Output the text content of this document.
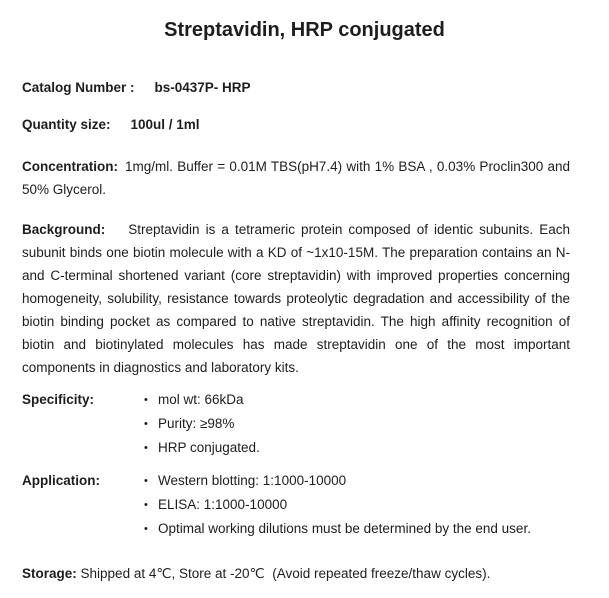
Streptavidin, HRP conjugated

Catalog Number : bs-0437P- HRP

Quantity size: 100ul / 1ml

Concentration: 1mg/ml. Buffer = 0.01M TBS(pH7.4) with 1% BSA , 0.03% Proclin300 and 50% Glycerol.

Background: Streptavidin is a tetrameric protein composed of identic subunits. Each subunit binds one biotin molecule with a KD of ~1x10-15M. The preparation contains an N- and C-terminal shortened variant (core streptavidin) with improved properties concerning homogeneity, solubility, resistance towards proteolytic degradation and accessibility of the biotin binding pocket as compared to native streptavidin. The high affinity recognition of biotin and biotinylated molecules has made streptavidin one of the most important components in diagnostics and laboratory kits.

Specificity:	• mol wt: 66kDa
• Purity: ≥98%
• HRP conjugated.
Application:	• Western blotting: 1:1000-10000
• ELISA: 1:1000-10000
• Optimal working dilutions must be determined by the end user.

Storage: Shipped at 4℃, Store at -20℃  (Avoid repeated freeze/thaw cycles).
